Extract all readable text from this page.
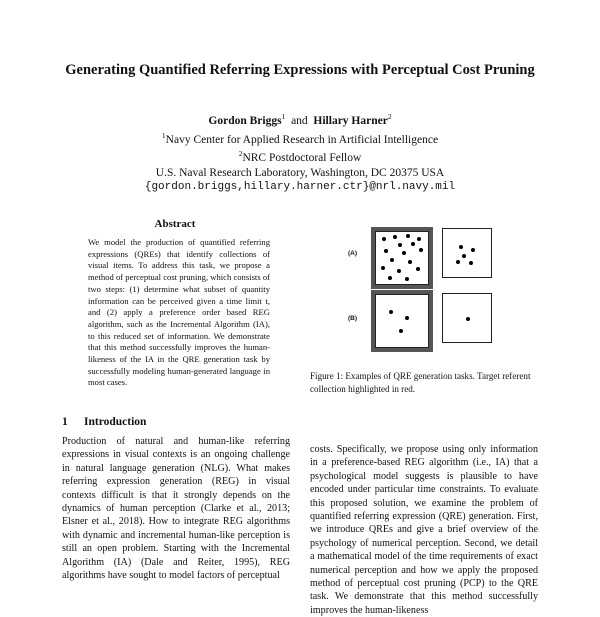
Generating Quantified Referring Expressions with Perceptual Cost Pruning
Gordon Briggs$^1$ and Hillary Harner$^2$
$^1$Navy Center for Applied Research in Artificial Intelligence
$^2$NRC Postdoctoral Fellow
U.S. Naval Research Laboratory, Washington, DC 20375 USA
{gordon.briggs,hillary.harner.ctr}@nrl.navy.mil
Abstract
We model the production of quantified referring expressions (QREs) that identify collections of visual items. To address this task, we propose a method of perceptual cost pruning, which consists of two steps: (1) determine what subset of quantity information can be perceived given a time limit t, and (2) apply a preference order based REG algorithm, such as the Incremental Algorithm (IA), to this reduced set of information. We demonstrate that this method successfully improves the human-likeness of the IA in the QRE generation task by successfully modeling human-generated language in most cases.
1 Introduction
Production of natural and human-like referring expressions in visual contexts is an ongoing challenge in natural language generation (NLG). What makes referring expression generation (REG) in visual contexts difficult is that it strongly depends on the dynamics of human perception (Clarke et al., 2013; Elsner et al., 2018). How to integrate REG algorithms with dynamic and incremental human-like perception is still an open problem. Starting with the Incremental Algorithm (IA) (Dale and Reiter, 1995), REG algorithms have sought to model factors of perceptual
(A)
(B)
Figure 1: Examples of QRE generation tasks. Target referent collection highlighted in red.
costs. Specifically, we propose using only information in a preference-based REG algorithm (i.e., IA) that a psychological model suggests is plausible to have encoded under particular time constraints. To evaluate this proposed solution, we examine the problem of quantified referring expression (QRE) generation. First, we introduce QREs and give a brief overview of the psychology of numerical perception. Second, we detail a mathematical model of the time requirements of exact numerical perception and how we apply the proposed method of perceptual cost pruning (PCP) to the QRE task. We demonstrate that this method successfully improves the human-likeness
